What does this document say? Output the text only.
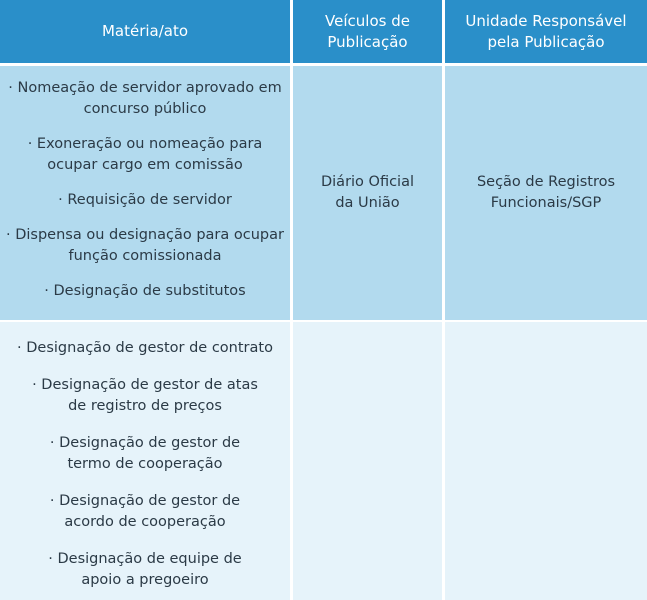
Matéria/ato
Veículos de
Publicação
Unidade Responsável
pela Publicação
· Nomeação de servidor aprovado em
concurso público
· Exoneração ou nomeação para
ocupar cargo em comissão
· Requisição de servidor
· Dispensa ou designação para ocupar
função comissionada
· Designação de substitutos
Diário Oficial
da União
Seção de Registros
Funcionais/SGP
· Designação de gestor de contrato
· Designação de gestor de atas
de registro de preços
· Designação de gestor de
termo de cooperação
· Designação de gestor de
acordo de cooperação
· Designação de equipe de
apoio a pregoeiro
